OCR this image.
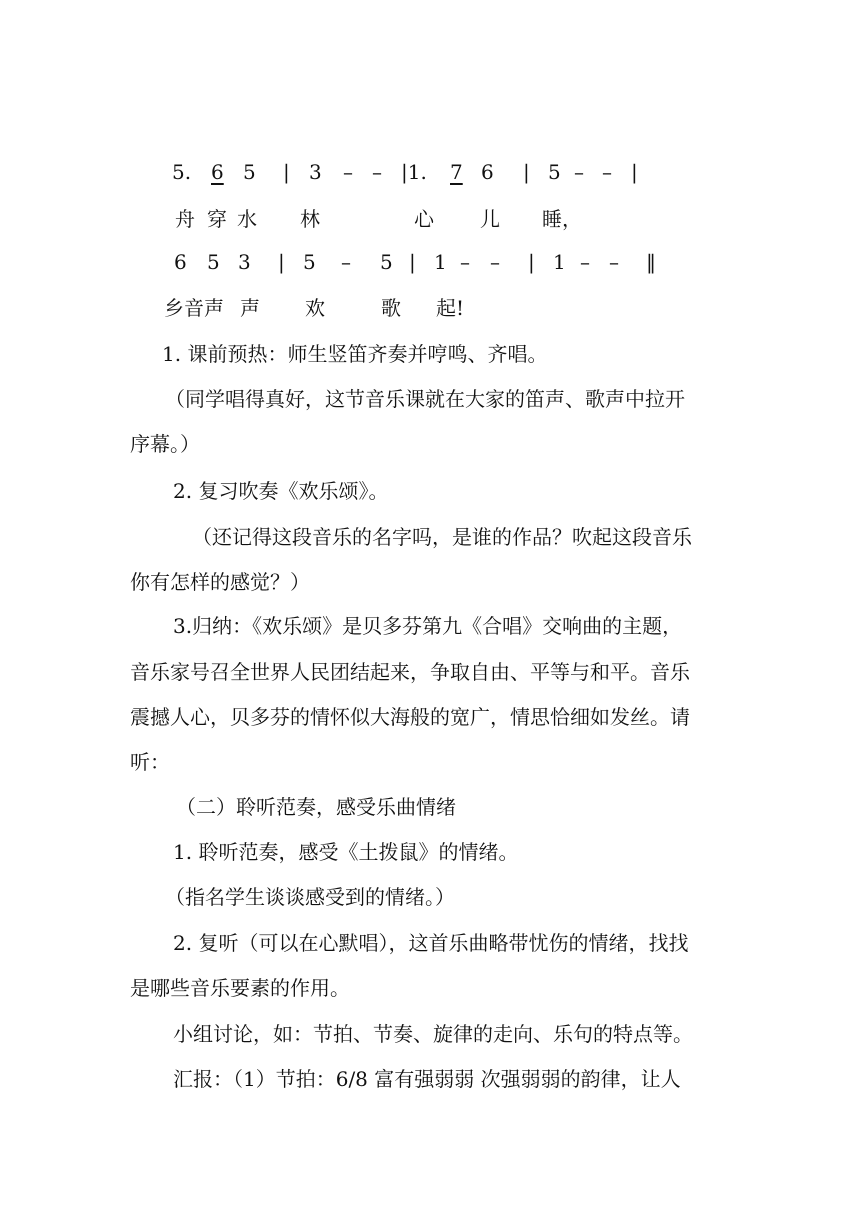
5. 6 5 | 3 – – |1. 7 6 | 5 – – |
舟 穿 水 林	心 儿 睡，
6 5 3 | 5 – 5 | 1 – – | 1 – – ‖
乡音声 声 欢	歌 起!
1. 课前预热：师生竖笛齐奏并哼鸣、齐唱。
（同学唱得真好，这节音乐课就在大家的笛声、歌声中拉开
序幕。）
2. 复习吹奏《欢乐颂》。
（还记得这段音乐的名字吗，是谁的作品？吹起这段音乐
你有怎样的感觉？）
3.归纳：《欢乐颂》是贝多芬第九《合唱》交响曲的主题，
音乐家号召全世界人民团结起来，争取自由、平等与和平。音乐
震撼人心，贝多芬的情怀似大海般的宽广，情思恰细如发丝。请
听：
（二）聆听范奏，感受乐曲情绪
1. 聆听范奏，感受《土拨鼠》的情绪。
（指名学生谈谈感受到的情绪。）
2. 复听（可以在心默唱），这首乐曲略带忧伤的情绪，找找
是哪些音乐要素的作用。
小组讨论，如：节拍、节奏、旋律的走向、乐句的特点等。
汇报：（1）节拍：6/8 富有强弱弱 次强弱弱的韵律，让人
